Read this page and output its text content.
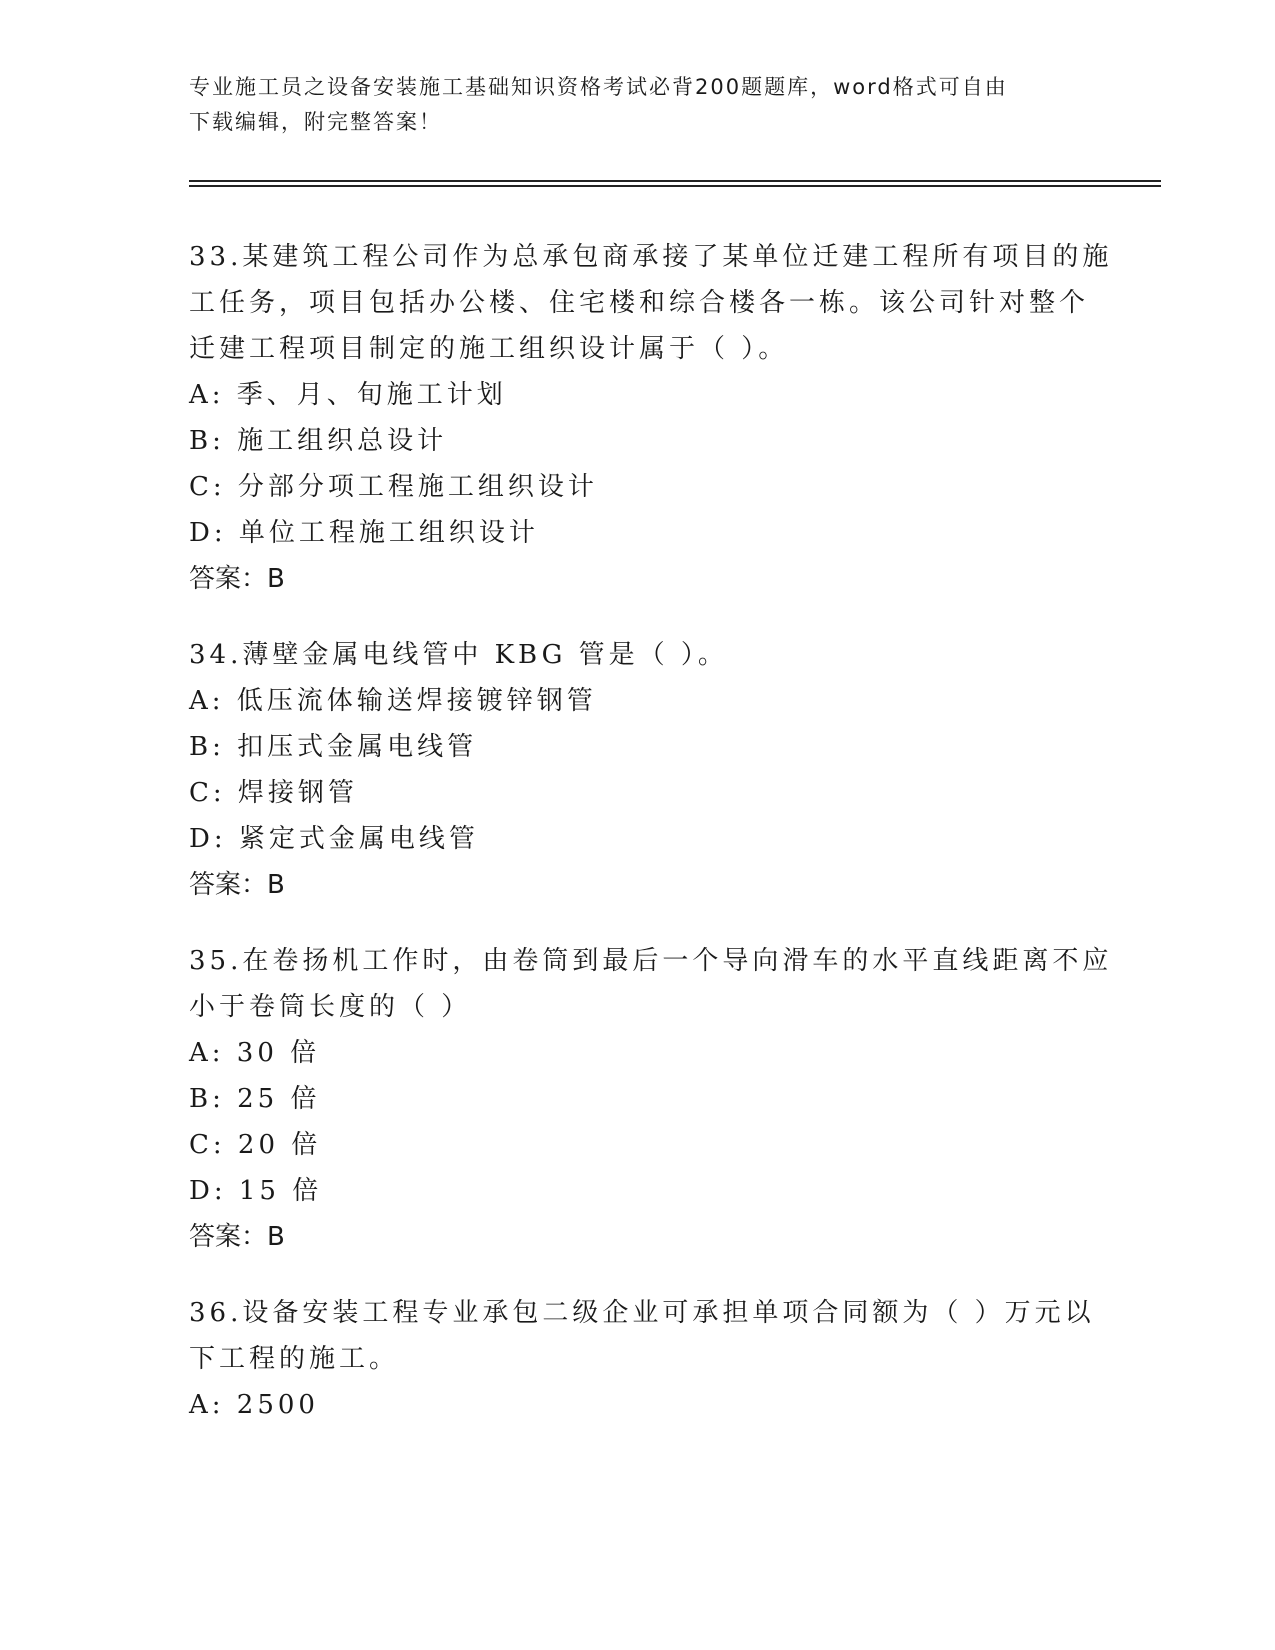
专业施工员之设备安装施工基础知识资格考试必背200题题库，word格式可自由
下载编辑，附完整答案！
33.某建筑工程公司作为总承包商承接了某单位迁建工程所有项目的施
工任务，项目包括办公楼、住宅楼和综合楼各一栋。该公司针对整个
迁建工程项目制定的施工组织设计属于（ ）。
A: 季、月、旬施工计划
B: 施工组织总设计
C: 分部分项工程施工组织设计
D: 单位工程施工组织设计
答案：B
34.薄壁金属电线管中 KBG 管是（ ）。
A: 低压流体输送焊接镀锌钢管
B: 扣压式金属电线管
C: 焊接钢管
D: 紧定式金属电线管
答案：B
35.在卷扬机工作时，由卷筒到最后一个导向滑车的水平直线距离不应
小于卷筒长度的（ ）
A: 30 倍
B: 25 倍
C: 20 倍
D: 15 倍
答案：B
36.设备安装工程专业承包二级企业可承担单项合同额为（ ）万元以
下工程的施工。
A: 2500
